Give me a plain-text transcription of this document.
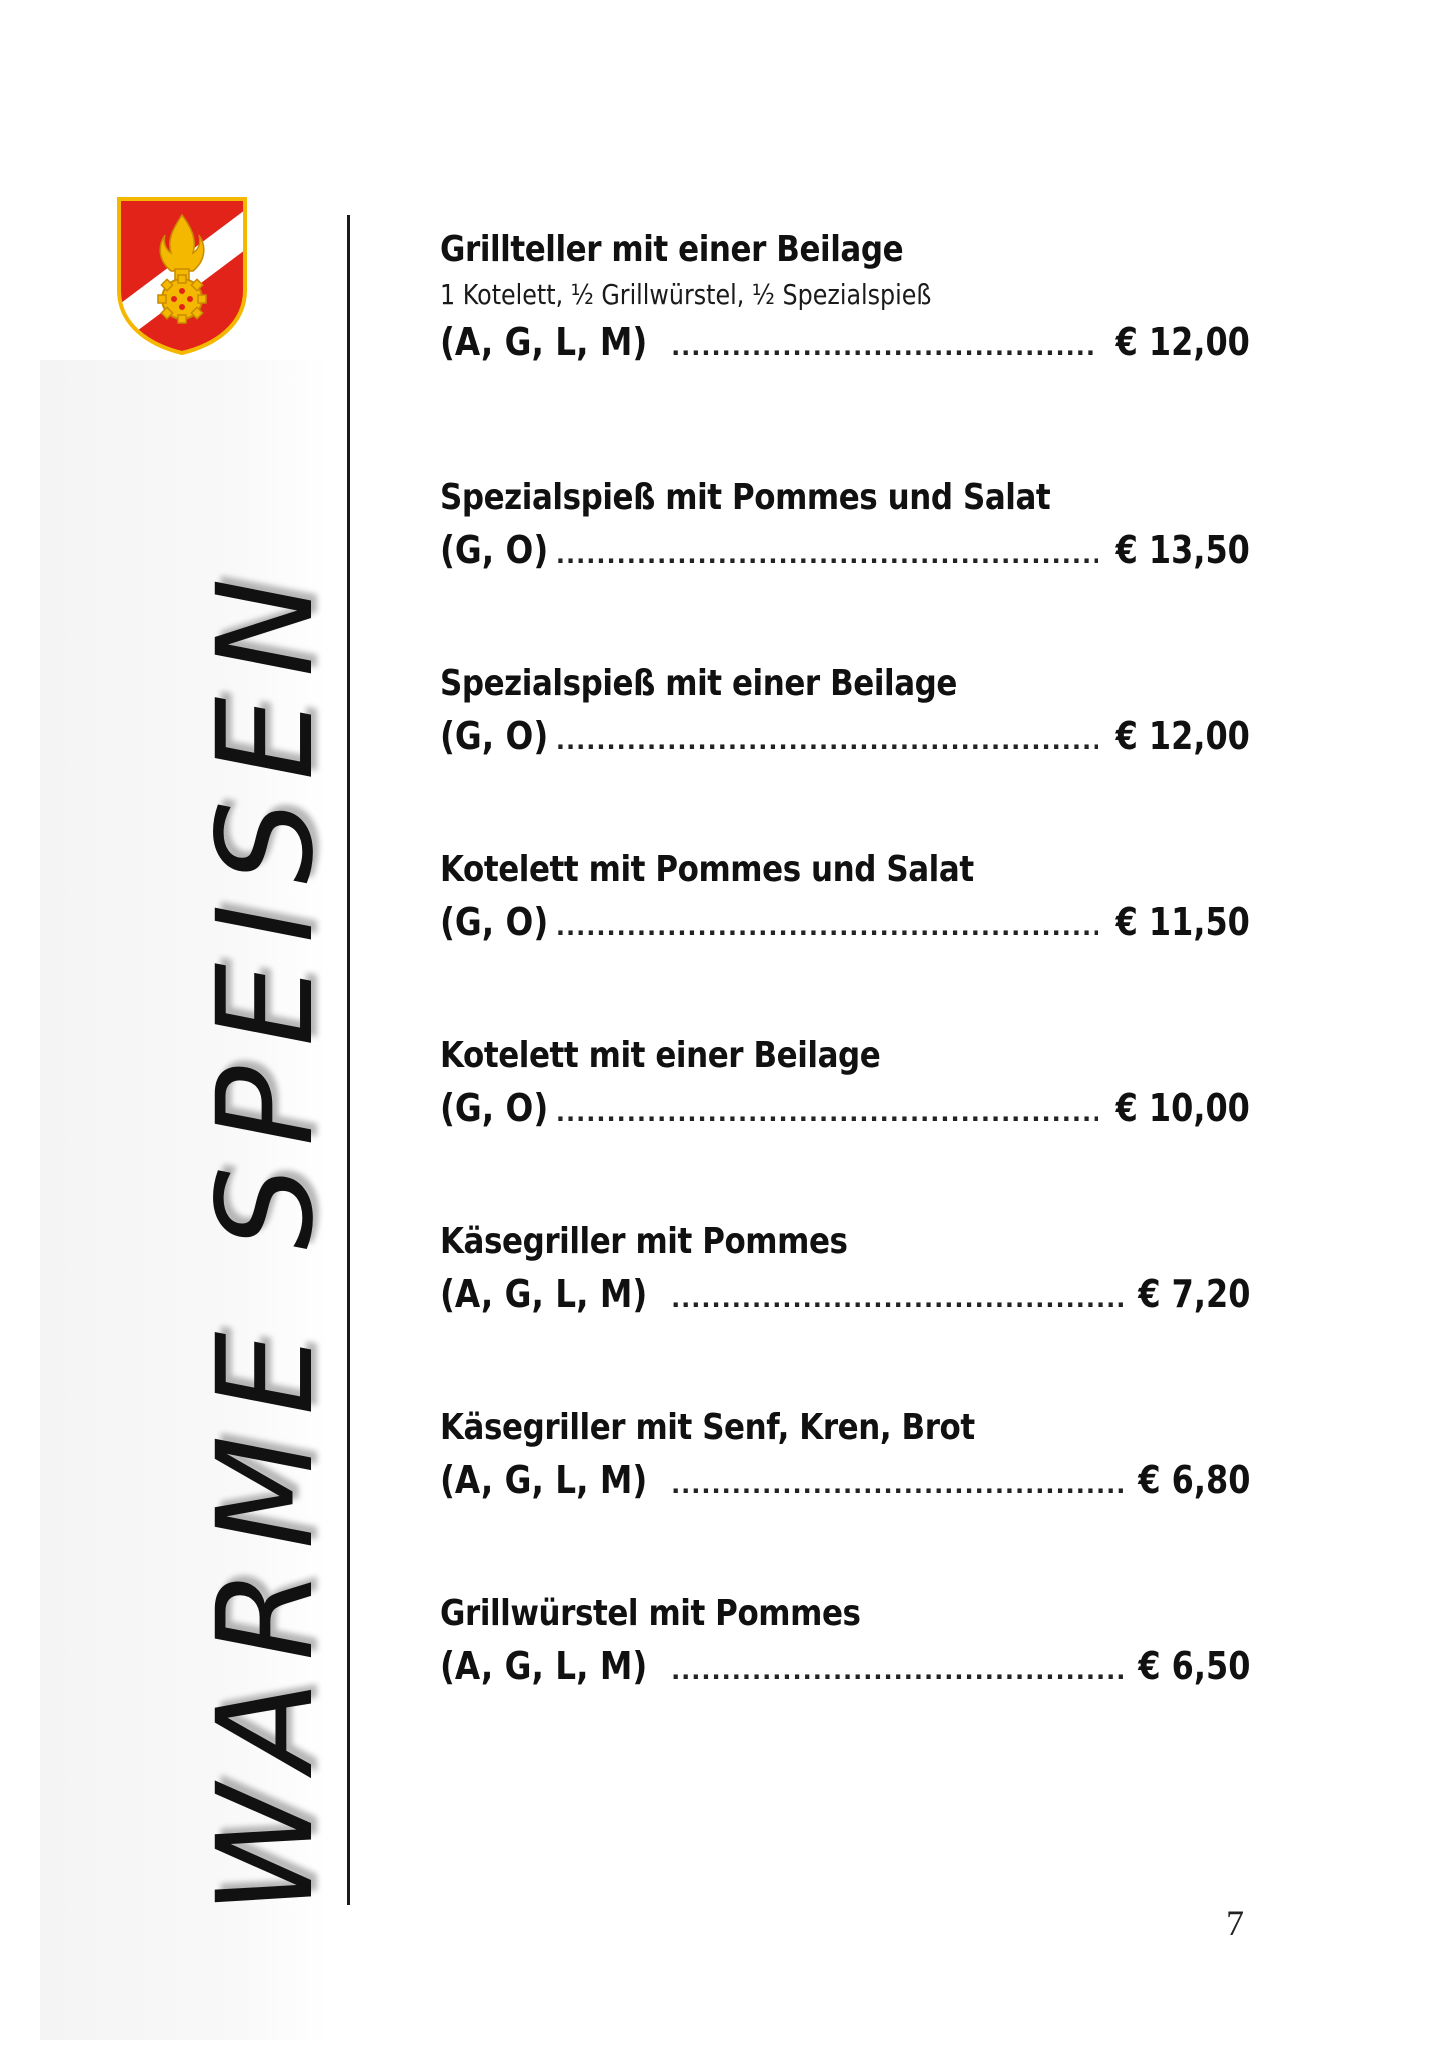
WARME SPEISEN
Grillteller mit einer Beilage
1 Kotelett, ½ Grillwürstel, ½ Spezialspieß
(A, G, L, M) .....	€ 12,00
Spezialspieß mit Pommes und Salat
(G, O) .....	€ 13,50
Spezialspieß mit einer Beilage
(G, O) .....	€ 12,00
Kotelett mit Pommes und Salat
(G, O) .....	€ 11,50
Kotelett mit einer Beilage
(G, O) .....	€ 10,00
Käsegriller mit Pommes
(A, G, L, M) .....	€ 7,20
Käsegriller mit Senf, Kren, Brot
(A, G, L, M) .....	€ 6,80
Grillwürstel mit Pommes
(A, G, L, M) .....	€ 6,50
7
